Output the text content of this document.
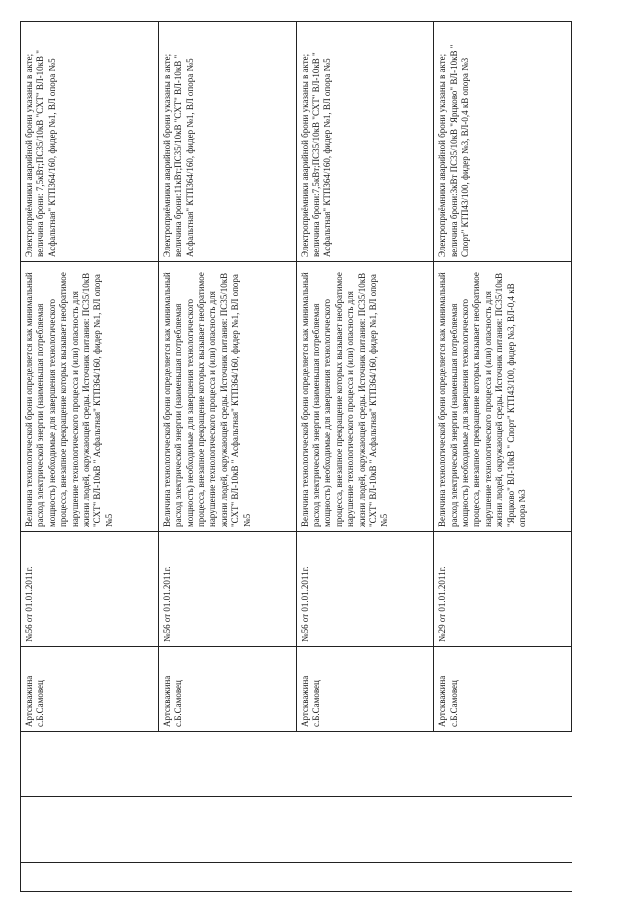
Артскважина с.Б.Самовец	№56 от 01.01.2011г.	Величина технологической брони определяется как минимальный расход электрической энергии (наименьшая потребляемая мощность) необходимые для завершения технологического процесса, внезапное прекращение которых вызывает необратимое нарушение технологического процесса и (или) опасность для жизни людей, окружающей среды. Источник питания: ПС35/10кВ "СХТ" ВЛ-10кВ " Асфальтная" КТП364/160, фидер №1, ВЛ опора №5	Электроприёмники аварийной брони указаны в акте; величина брони: 7,5кВт;ПС35/10кВ "СХТ" ВЛ-10кВ " Асфальтная" КТП364/160, фидер №1, ВЛ опора №5
Артскважина с.Б.Самовец	№56 от 01.01.2011г.	Величина технологической брони определяется как минимальный расход электрической энергии (наименьшая потребляемая мощность) необходимые для завершения технологического процесса, внезапное прекращение которых вызывает необратимое нарушение технологического процесса и (или) опасность для жизни людей, окружающей среды. Источник питания: ПС35/10кВ "СХТ" ВЛ-10кВ " Асфальтная" КТП364/160, фидер №1, ВЛ опора №5	Электроприёмники аварийной брони указаны в акте; величина брони:11кВт;ПС35/10кВ "СХТ" ВЛ-10кВ " Асфальтная" КТП364/160, фидер №1, ВЛ опора №5
Артскважина с.Б.Самовец	№56 от 01.01.2011г.	Величина технологической брони определяется как минимальный расход электрической энергии (наименьшая потребляемая мощность) необходимые для завершения технологического процесса, внезапное прекращение которых вызывает необратимое нарушение технологического процесса и (или) опасность для жизни людей, окружающей среды. Источник питания: ПС35/10кВ "СХТ" ВЛ-10кВ " Асфальтная" КТП364/160, фидер №1, ВЛ опора №5	Электроприёмники аварийной брони указаны в акте; величина брони:7,5кВт;ПС35/10кВ "СХТ" ВЛ-10кВ " Асфальтная" КТП364/160, фидер №1, ВЛ опора №5
Артскважина с.Б.Самовец	№29 от 01.01.2011г.	Величина технологической брони определяется как минимальный расход электрической энергии (наименьшая потребляемая мощность) необходимые для завершения технологического процесса, внезапное прекращение которых вызывает необратимое нарушение технологического процесса и (или) опасность для жизни людей, окружающей среды. Источник питания: ПС35/10кВ "Ярцково" ВЛ-10кВ " Спорт" КТП43/100, фидер №3, ВЛ-0,4 кВ опора №3	Электроприёмники аварийной брони указаны в акте; величина брони:3кВт ПС35/10кВ "Ярцково" ВЛ-10кВ " Спорт" КТП43/100, фидер №3, ВЛ-0,4 кВ опора №3
